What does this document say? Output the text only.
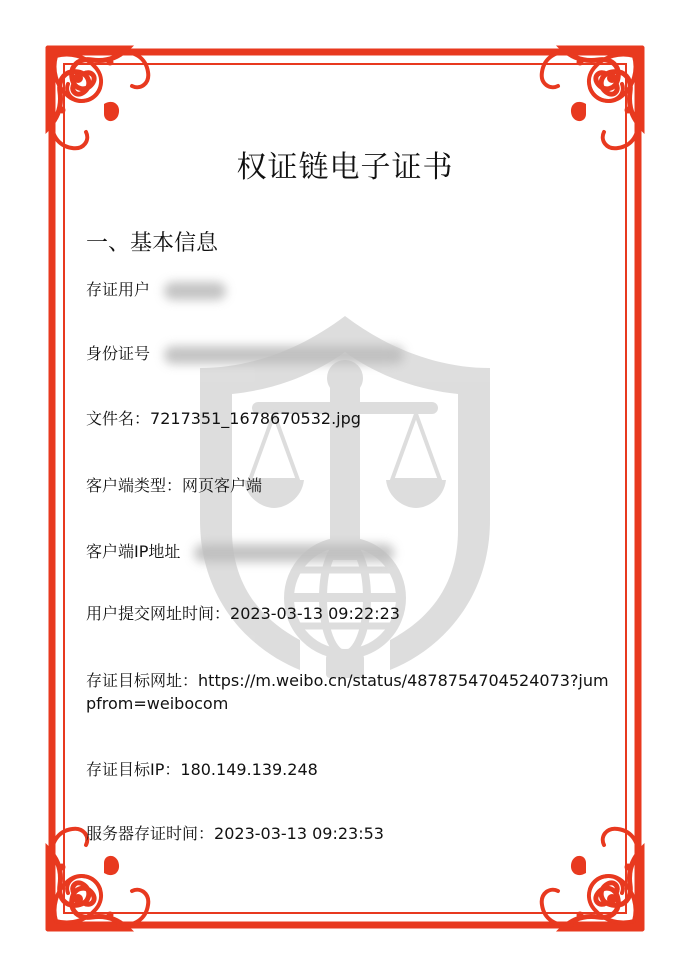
权证链电子证书
一、基本信息
存证用户
身份证号
文件名：7217351_1678670532.jpg
客户端类型：网页客户端
客户端IP地址
用户提交网址时间：2023-03-13 09:22:23
存证目标网址：https://m.weibo.cn/status/4878754704524073?jumpfrom=weibocom
存证目标IP：180.149.139.248
服务器存证时间：2023-03-13 09:23:53
